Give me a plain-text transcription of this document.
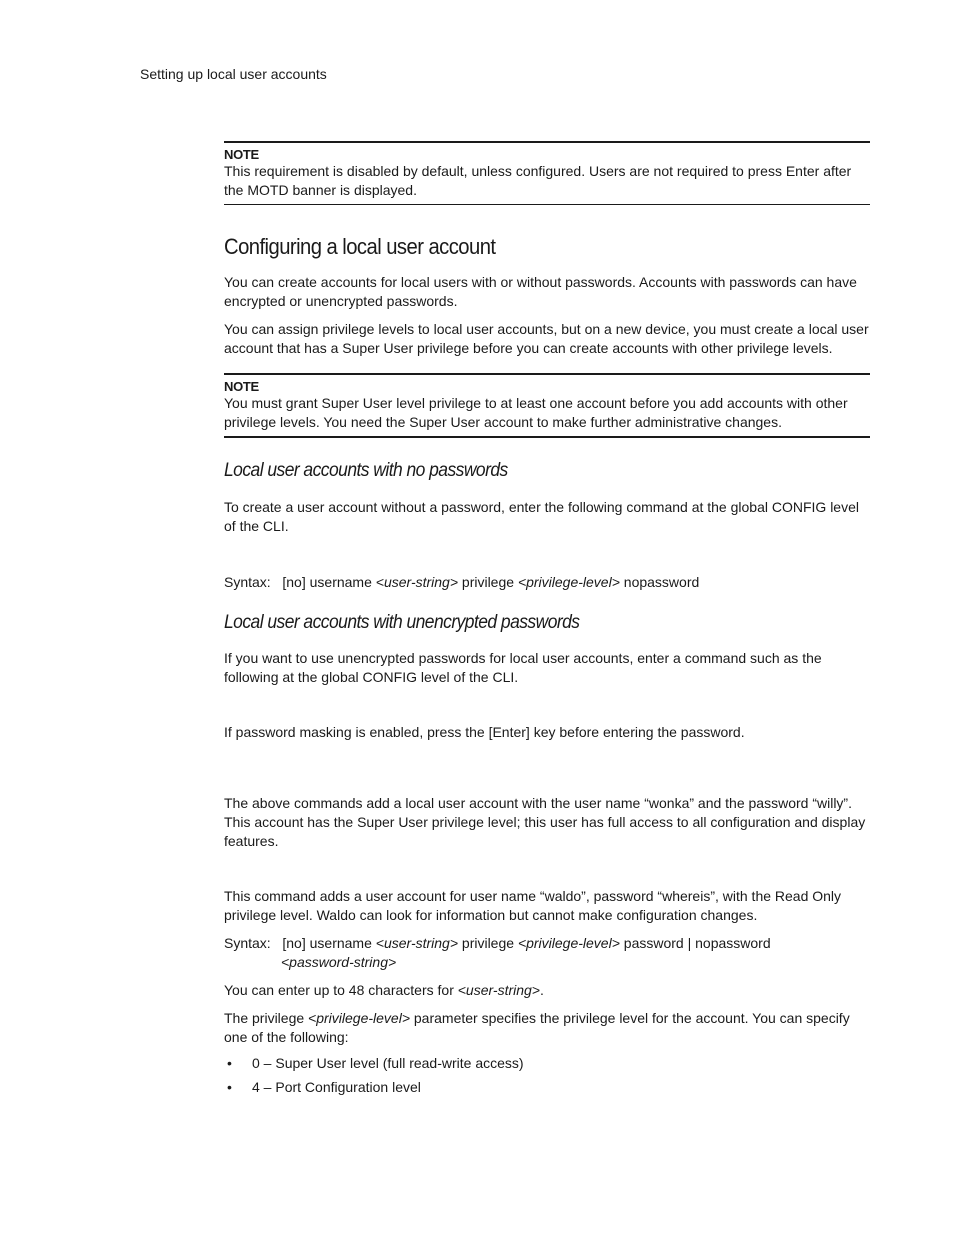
Setting up local user accounts
NOTE
This requirement is disabled by default, unless configured. Users are not required to press Enter after the MOTD banner is displayed.
Configuring a local user account

You can create accounts for local users with or without passwords. Accounts with passwords can have encrypted or unencrypted passwords.

You can assign privilege levels to local user accounts, but on a new device, you must create a local user account that has a Super User privilege before you can create accounts with other privilege levels.

NOTE
You must grant Super User level privilege to at least one account before you add accounts with other privilege levels. You need the Super User account to make further administrative changes.
Local user accounts with no passwords

To create a user account without a password, enter the following command at the global CONFIG level of the CLI.

Syntax: [no] username <user-string> privilege <privilege-level> nopassword
Local user accounts with unencrypted passwords

If you want to use unencrypted passwords for local user accounts, enter a command such as the following at the global CONFIG level of the CLI.

If password masking is enabled, press the [Enter] key before entering the password.

The above commands add a local user account with the user name “wonka” and the password “willy”. This account has the Super User privilege level; this user has full access to all configuration and display features.

This command adds a user account for user name “waldo”, password “whereis”, with the Read Only privilege level. Waldo can look for information but cannot make configuration changes.

Syntax: [no] username <user-string> privilege <privilege-level> password | nopassword
<password-string>

You can enter up to 48 characters for <user-string>.

The privilege <privilege-level> parameter specifies the privilege level for the account. You can specify one of the following:

• 0 – Super User level (full read-write access)
• 4 – Port Configuration level
